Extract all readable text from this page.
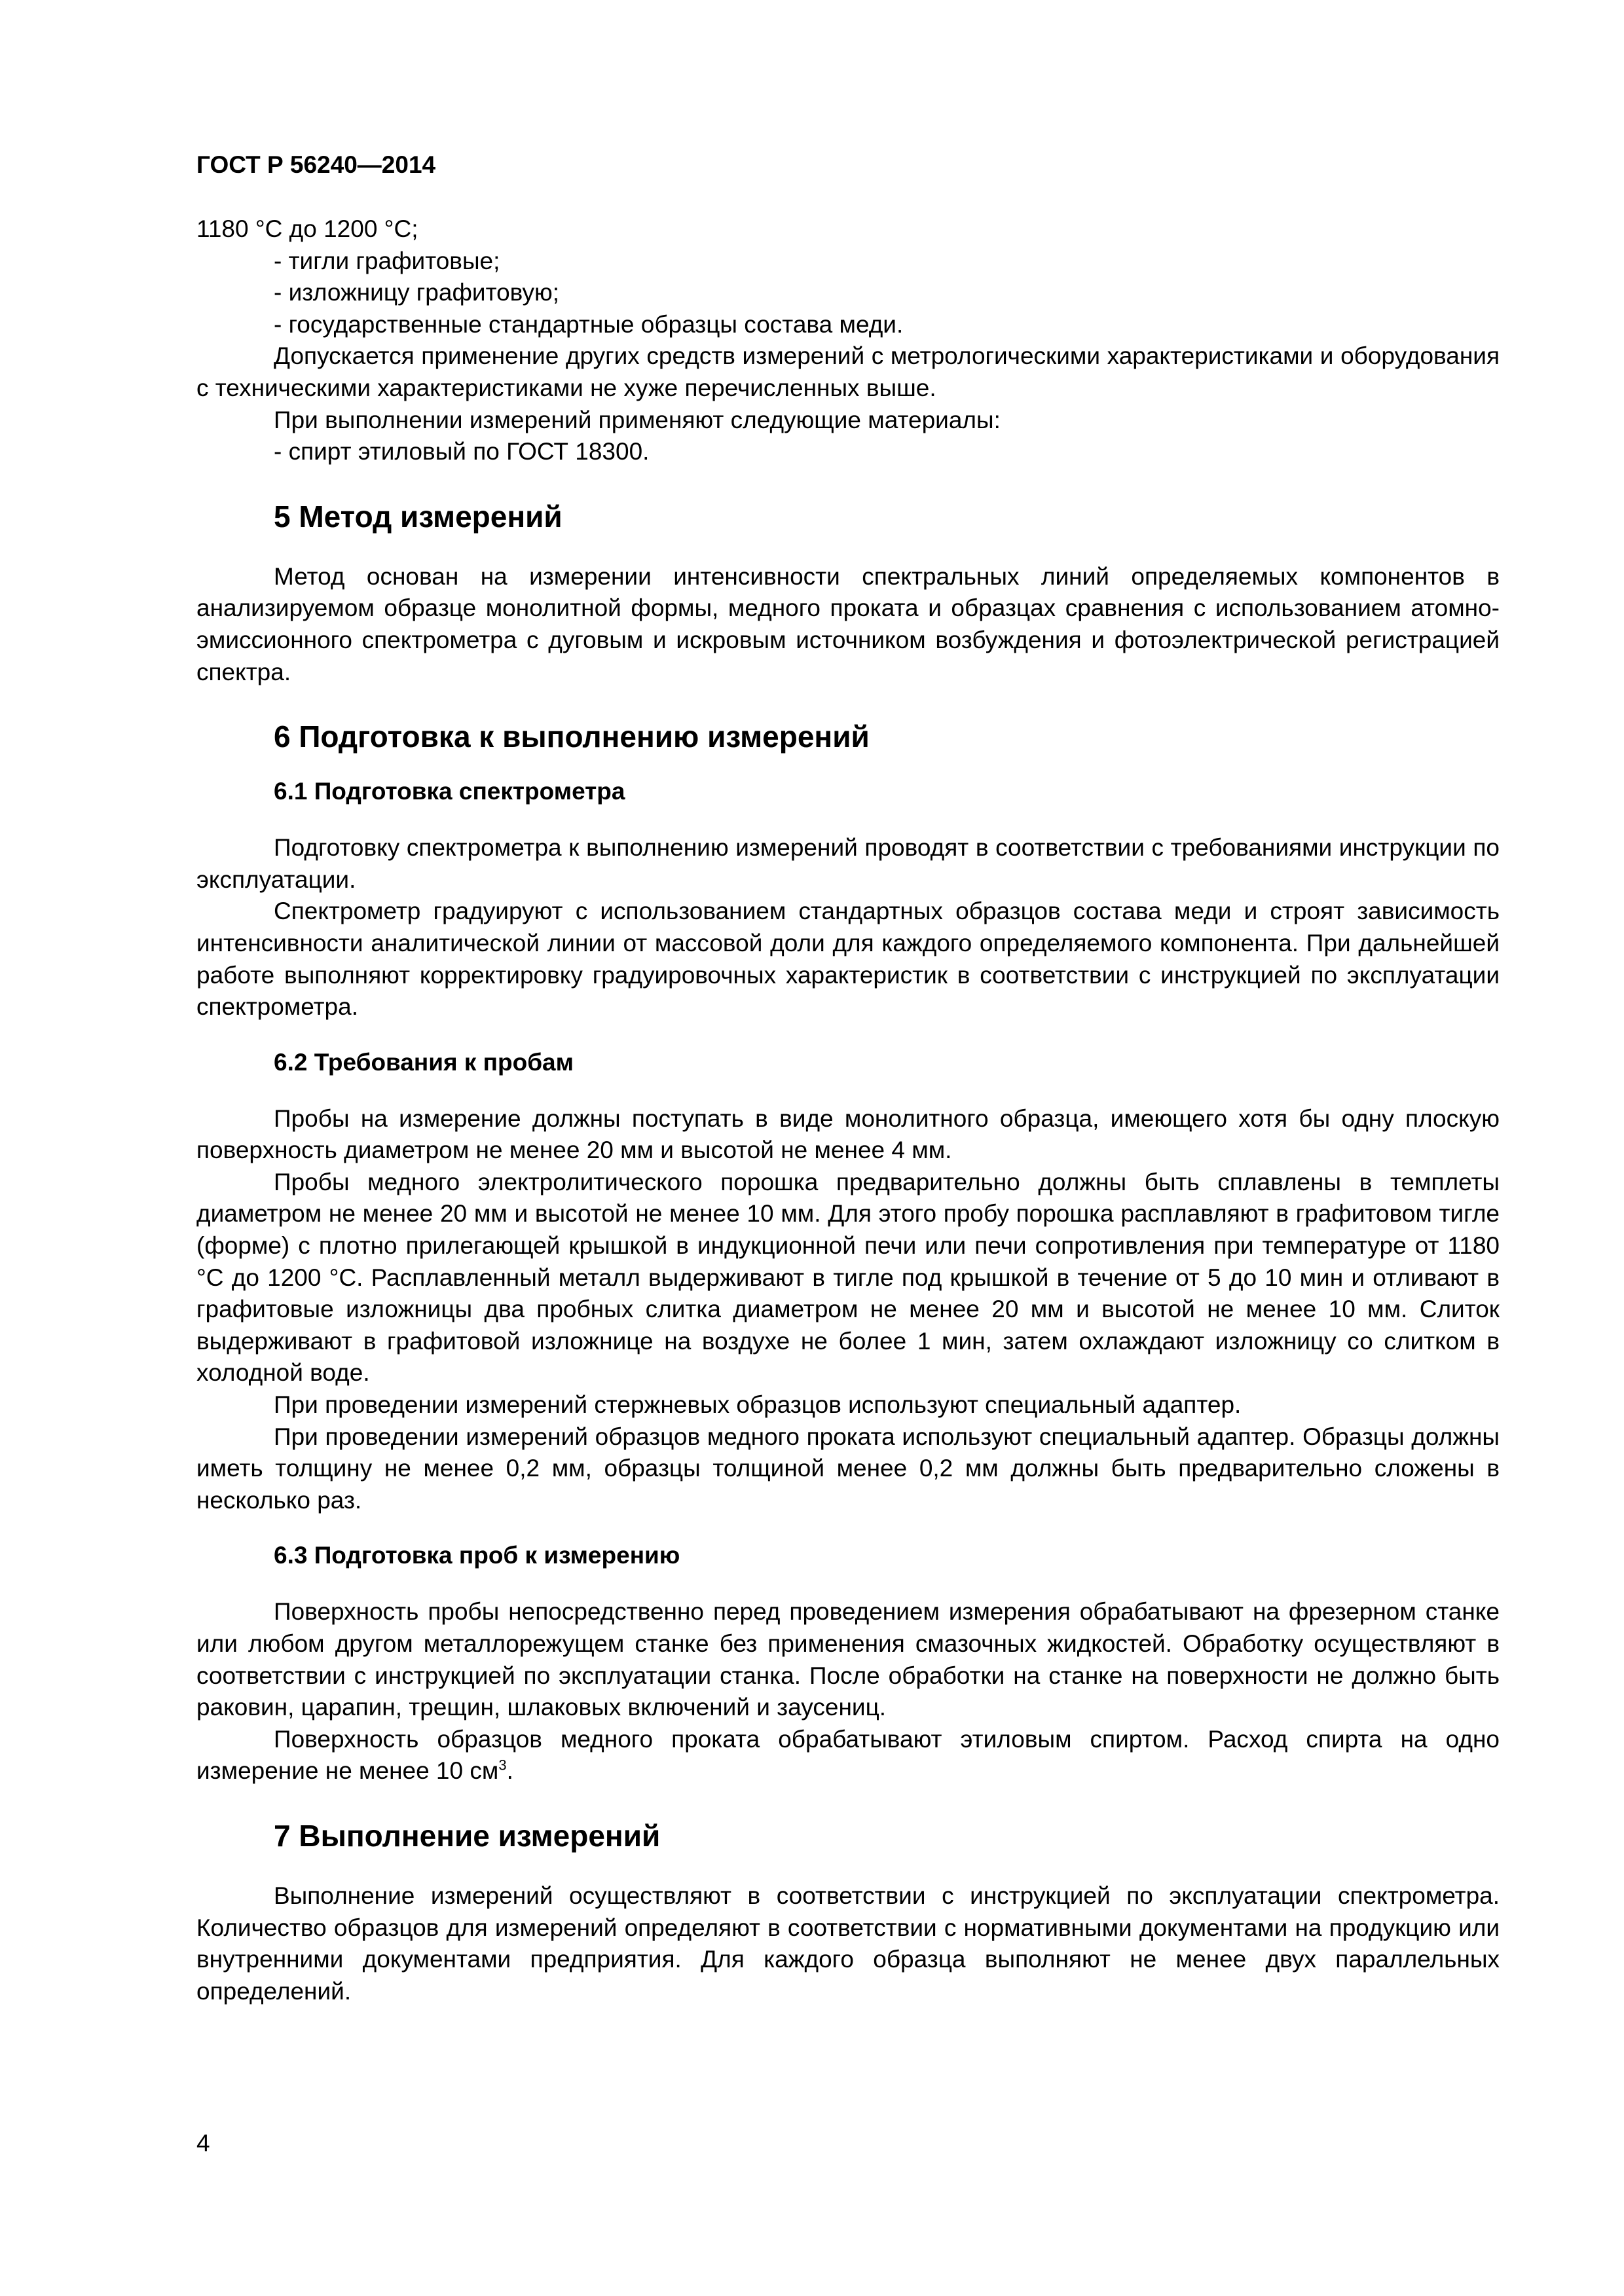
ГОСТ Р 56240—2014

1180 °С до 1200 °С;

- тигли графитовые;

- изложницу графитовую;

- государственные стандартные образцы состава меди.

Допускается применение других средств измерений с метрологическими характеристиками и оборудования с техническими характеристиками не хуже перечисленных выше.

При выполнении измерений применяют следующие материалы:

- спирт этиловый по ГОСТ 18300.

5 Метод измерений

Метод основан на измерении интенсивности спектральных линий определяемых компонентов в анализируемом образце монолитной формы, медного проката и образцах сравнения с использованием атомно-эмиссионного спектрометра с дуговым и искровым источником возбуждения и фотоэлектрической регистрацией спектра.

6 Подготовка к выполнению измерений
6.1 Подготовка спектрометра

Подготовку спектрометра к выполнению измерений проводят в соответствии с требованиями инструкции по эксплуатации.

Спектрометр градуируют с использованием стандартных образцов состава меди и строят зависимость интенсивности аналитической линии от массовой доли для каждого определяемого компонента. При дальнейшей работе выполняют корректировку градуировочных характеристик в соответствии с инструкцией по эксплуатации спектрометра.

6.2 Требования к пробам

Пробы на измерение должны поступать в виде монолитного образца, имеющего хотя бы одну плоскую поверхность диаметром не менее 20 мм и высотой не менее 4 мм.

Пробы медного электролитического порошка предварительно должны быть сплавлены в темплеты диаметром не менее 20 мм и высотой не менее 10 мм. Для этого пробу порошка расплавляют в графитовом тигле (форме) с плотно прилегающей крышкой в индукционной печи или печи сопротивления при температуре от 1180 °С до 1200 °С. Расплавленный металл выдерживают в тигле под крышкой в течение от 5 до 10 мин и отливают в графитовые изложницы два пробных слитка диаметром не менее 20 мм и высотой не менее 10 мм. Слиток выдерживают в графитовой изложнице на воздухе не более 1 мин, затем охлаждают изложницу со слитком в холодной воде.

При проведении измерений стержневых образцов используют специальный адаптер.

При проведении измерений образцов медного проката используют специальный адаптер. Образцы должны иметь толщину не менее 0,2 мм, образцы толщиной менее 0,2 мм должны быть предварительно сложены в несколько раз.

6.3 Подготовка проб к измерению

Поверхность пробы непосредственно перед проведением измерения обрабатывают на фрезерном станке или любом другом металлорежущем станке без применения смазочных жидкостей. Обработку осуществляют в соответствии с инструкцией по эксплуатации станка. После обработки на станке на поверхности не должно быть раковин, царапин, трещин, шлаковых включений и заусениц.

Поверхность образцов медного проката обрабатывают этиловым спиртом. Расход спирта на одно измерение не менее 10 $см^3$.

7 Выполнение измерений

Выполнение измерений осуществляют в соответствии с инструкцией по эксплуатации спектрометра. Количество образцов для измерений определяют в соответствии с нормативными документами на продукцию или внутренними документами предприятия. Для каждого образца выполняют не менее двух параллельных определений.

4
